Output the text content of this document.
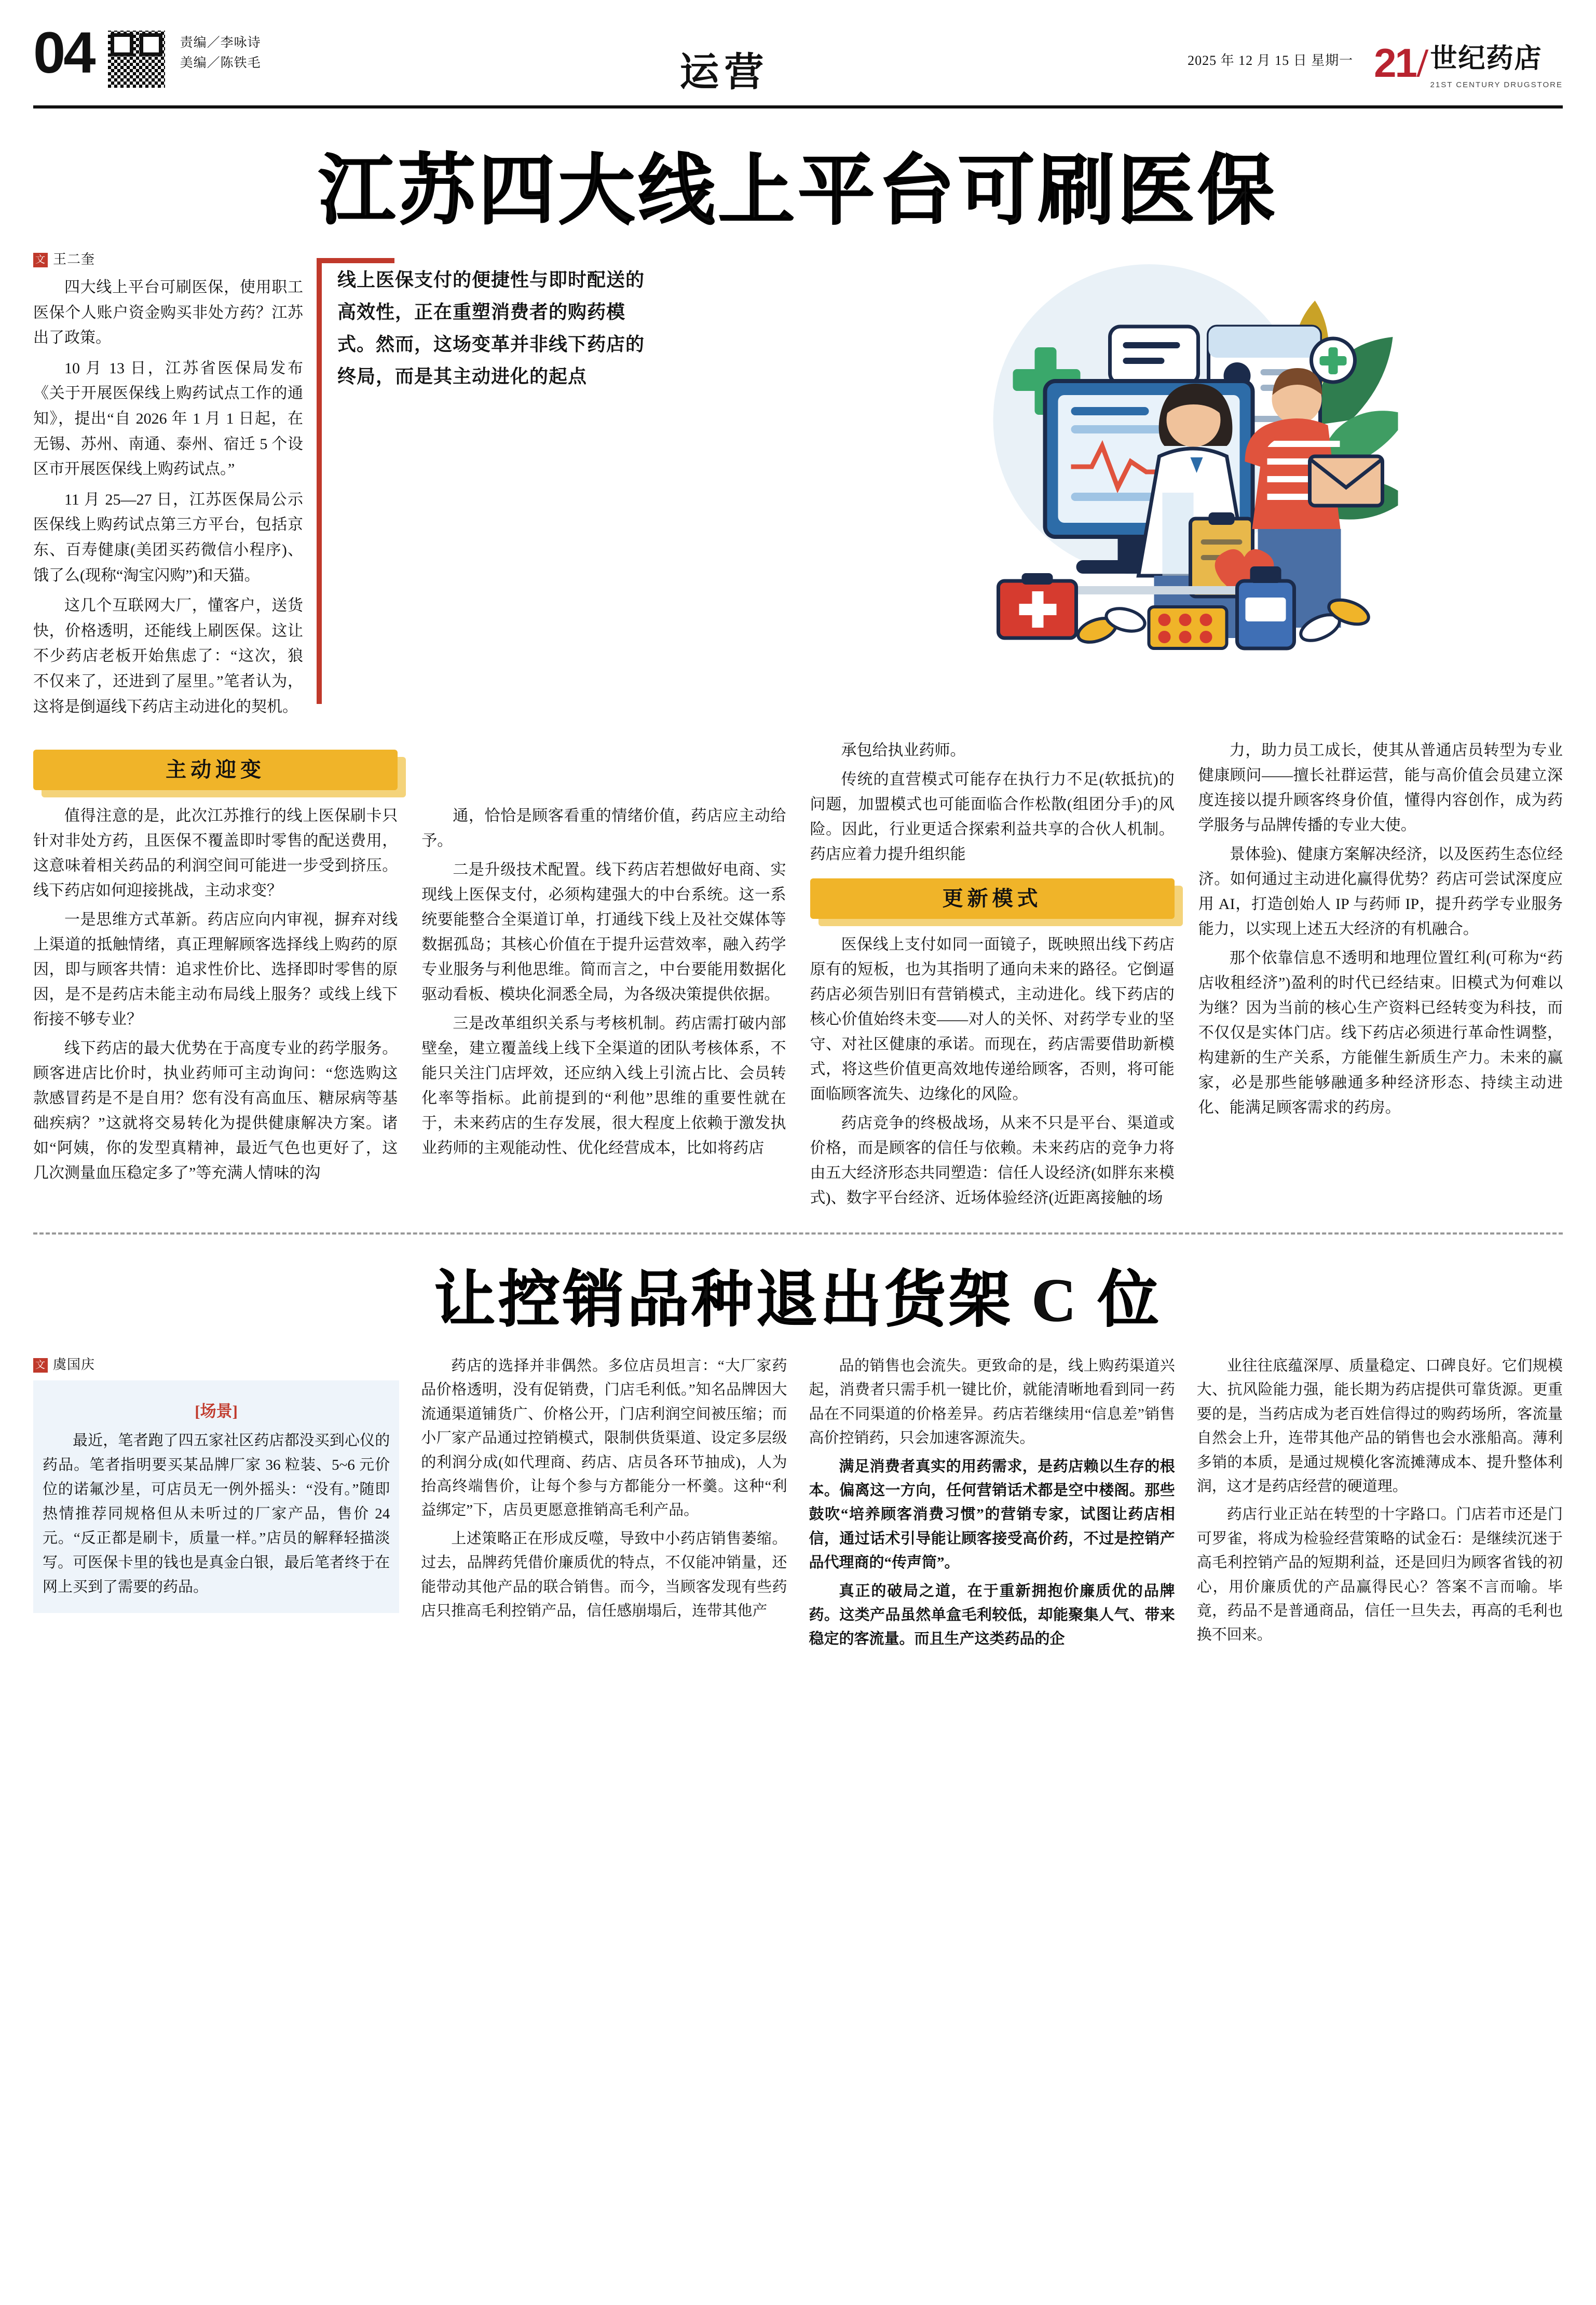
04	责编／李咏诗
美编／陈铁毛	运营	2025 年 12 月 15 日 星期一 21 / 世纪药店
21ST CENTURY DRUGSTORE
江苏四大线上平台可刷医保
文 王二奎

四大线上平台可刷医保，使用职工医保个人账户资金购买非处方药？江苏出了政策。

10 月 13 日，江苏省医保局发布《关于开展医保线上购药试点工作的通知》，提出“自 2026 年 1 月 1 日起，在无锡、苏州、南通、泰州、宿迁 5 个设区市开展医保线上购药试点。”

11 月 25—27 日，江苏医保局公示医保线上购药试点第三方平台，包括京东、百寿健康(美团买药微信小程序)、饿了么(现称“淘宝闪购”)和天猫。

这几个互联网大厂，懂客户，送货快，价格透明，还能线上刷医保。这让不少药店老板开始焦虑了：“这次，狼不仅来了，还进到了屋里。”笔者认为，这将是倒逼线下药店主动进化的契机。

线上医保支付的便捷性与即时配送的高效性，正在重塑消费者的购药模式。然而，这场变革并非线下药店的终局，而是其主动进化的起点
主动迎变

值得注意的是，此次江苏推行的线上医保刷卡只针对非处方药，且医保不覆盖即时零售的配送费用，这意味着相关药品的利润空间可能进一步受到挤压。线下药店如何迎接挑战，主动求变？

一是思维方式革新。药店应向内审视，摒弃对线上渠道的抵触情绪，真正理解顾客选择线上购药的原因，即与顾客共情：追求性价比、选择即时零售的原因，是不是药店未能主动布局线上服务？或线上线下衔接不够专业？

线下药店的最大优势在于高度专业的药学服务。顾客进店比价时，执业药师可主动询问：“您选购这款感冒药是不是自用？您有没有高血压、糖尿病等基础疾病？”这就将交易转化为提供健康解决方案。诸如“阿姨，你的发型真精神，最近气色也更好了，这几次测量血压稳定多了”等充满人情味的沟

通，恰恰是顾客看重的情绪价值，药店应主动给予。

二是升级技术配置。线下药店若想做好电商、实现线上医保支付，必须构建强大的中台系统。这一系统要能整合全渠道订单，打通线下线上及社交媒体等数据孤岛；其核心价值在于提升运营效率，融入药学专业服务与利他思维。简而言之，中台要能用数据化驱动看板、模块化洞悉全局，为各级决策提供依据。

三是改革组织关系与考核机制。药店需打破内部壁垒，建立覆盖线上线下全渠道的团队考核体系，不能只关注门店坪效，还应纳入线上引流占比、会员转化率等指标。此前提到的“利他”思维的重要性就在于，未来药店的生存发展，很大程度上依赖于激发执业药师的主观能动性、优化经营成本，比如将药店

承包给执业药师。

传统的直营模式可能存在执行力不足(软抵抗)的问题，加盟模式也可能面临合作松散(组团分手)的风险。因此，行业更适合探索利益共享的合伙人机制。药店应着力提升组织能

更新模式

医保线上支付如同一面镜子，既映照出线下药店原有的短板，也为其指明了通向未来的路径。它倒逼药店必须告别旧有营销模式，主动进化。线下药店的核心价值始终未变——对人的关怀、对药学专业的坚守、对社区健康的承诺。而现在，药店需要借助新模式，将这些价值更高效地传递给顾客，否则，将可能面临顾客流失、边缘化的风险。

药店竞争的终极战场，从来不只是平台、渠道或价格，而是顾客的信任与依赖。未来药店的竞争力将由五大经济形态共同塑造：信任人设经济(如胖东来模式)、数字平台经济、近场体验经济(近距离接触的场

力，助力员工成长，使其从普通店员转型为专业健康顾问——擅长社群运营，能与高价值会员建立深度连接以提升顾客终身价值，懂得内容创作，成为药学服务与品牌传播的专业大使。

景体验)、健康方案解决经济，以及医药生态位经济。如何通过主动进化赢得优势？药店可尝试深度应用 AI，打造创始人 IP 与药师 IP，提升药学专业服务能力，以实现上述五大经济的有机融合。

那个依靠信息不透明和地理位置红利(可称为“药店收租经济”)盈利的时代已经结束。旧模式为何难以为继？因为当前的核心生产资料已经转变为科技，而不仅仅是实体门店。线下药店必须进行革命性调整，构建新的生产关系，方能催生新质生产力。未来的赢家，必是那些能够融通多种经济形态、持续主动进化、能满足顾客需求的药房。

让控销品种退出货架 C 位
文 虞国庆
[场景]

最近，笔者跑了四五家社区药店都没买到心仪的药品。笔者指明要买某品牌厂家 36 粒装、5~6 元价位的诺氟沙星，可店员无一例外摇头：“没有。”随即热情推荐同规格但从未听过的厂家产品，售价 24 元。“反正都是刷卡，质量一样。”店员的解释轻描淡写。可医保卡里的钱也是真金白银，最后笔者终于在网上买到了需要的药品。

药店的选择并非偶然。多位店员坦言：“大厂家药品价格透明，没有促销费，门店毛利低。”知名品牌因大流通渠道铺货广、价格公开，门店利润空间被压缩；而小厂家产品通过控销模式，限制供货渠道、设定多层级的利润分成(如代理商、药店、店员各环节抽成)，人为抬高终端售价，让每个参与方都能分一杯羹。这种“利益绑定”下，店员更愿意推销高毛利产品。

上述策略正在形成反噬，导致中小药店销售萎缩。过去，品牌药凭借价廉质优的特点，不仅能冲销量，还能带动其他产品的联合销售。而今，当顾客发现有些药店只推高毛利控销产品，信任感崩塌后，连带其他产

品的销售也会流失。更致命的是，线上购药渠道兴起，消费者只需手机一键比价，就能清晰地看到同一药品在不同渠道的价格差异。药店若继续用“信息差”销售高价控销药，只会加速客源流失。

满足消费者真实的用药需求，是药店赖以生存的根本。偏离这一方向，任何营销话术都是空中楼阁。那些鼓吹“培养顾客消费习惯”的营销专家，试图让药店相信，通过话术引导能让顾客接受高价药，不过是控销产品代理商的“传声筒”。

真正的破局之道，在于重新拥抱价廉质优的品牌药。这类产品虽然单盒毛利较低，却能聚集人气、带来稳定的客流量。而且生产这类药品的企

业往往底蕴深厚、质量稳定、口碑良好。它们规模大、抗风险能力强，能长期为药店提供可靠货源。更重要的是，当药店成为老百姓信得过的购药场所，客流量自然会上升，连带其他产品的销售也会水涨船高。薄利多销的本质，是通过规模化客流摊薄成本、提升整体利润，这才是药店经营的硬道理。

药店行业正站在转型的十字路口。门店若市还是门可罗雀，将成为检验经营策略的试金石：是继续沉迷于高毛利控销产品的短期利益，还是回归为顾客省钱的初心，用价廉质优的产品赢得民心？答案不言而喻。毕竟，药品不是普通商品，信任一旦失去，再高的毛利也换不回来。
